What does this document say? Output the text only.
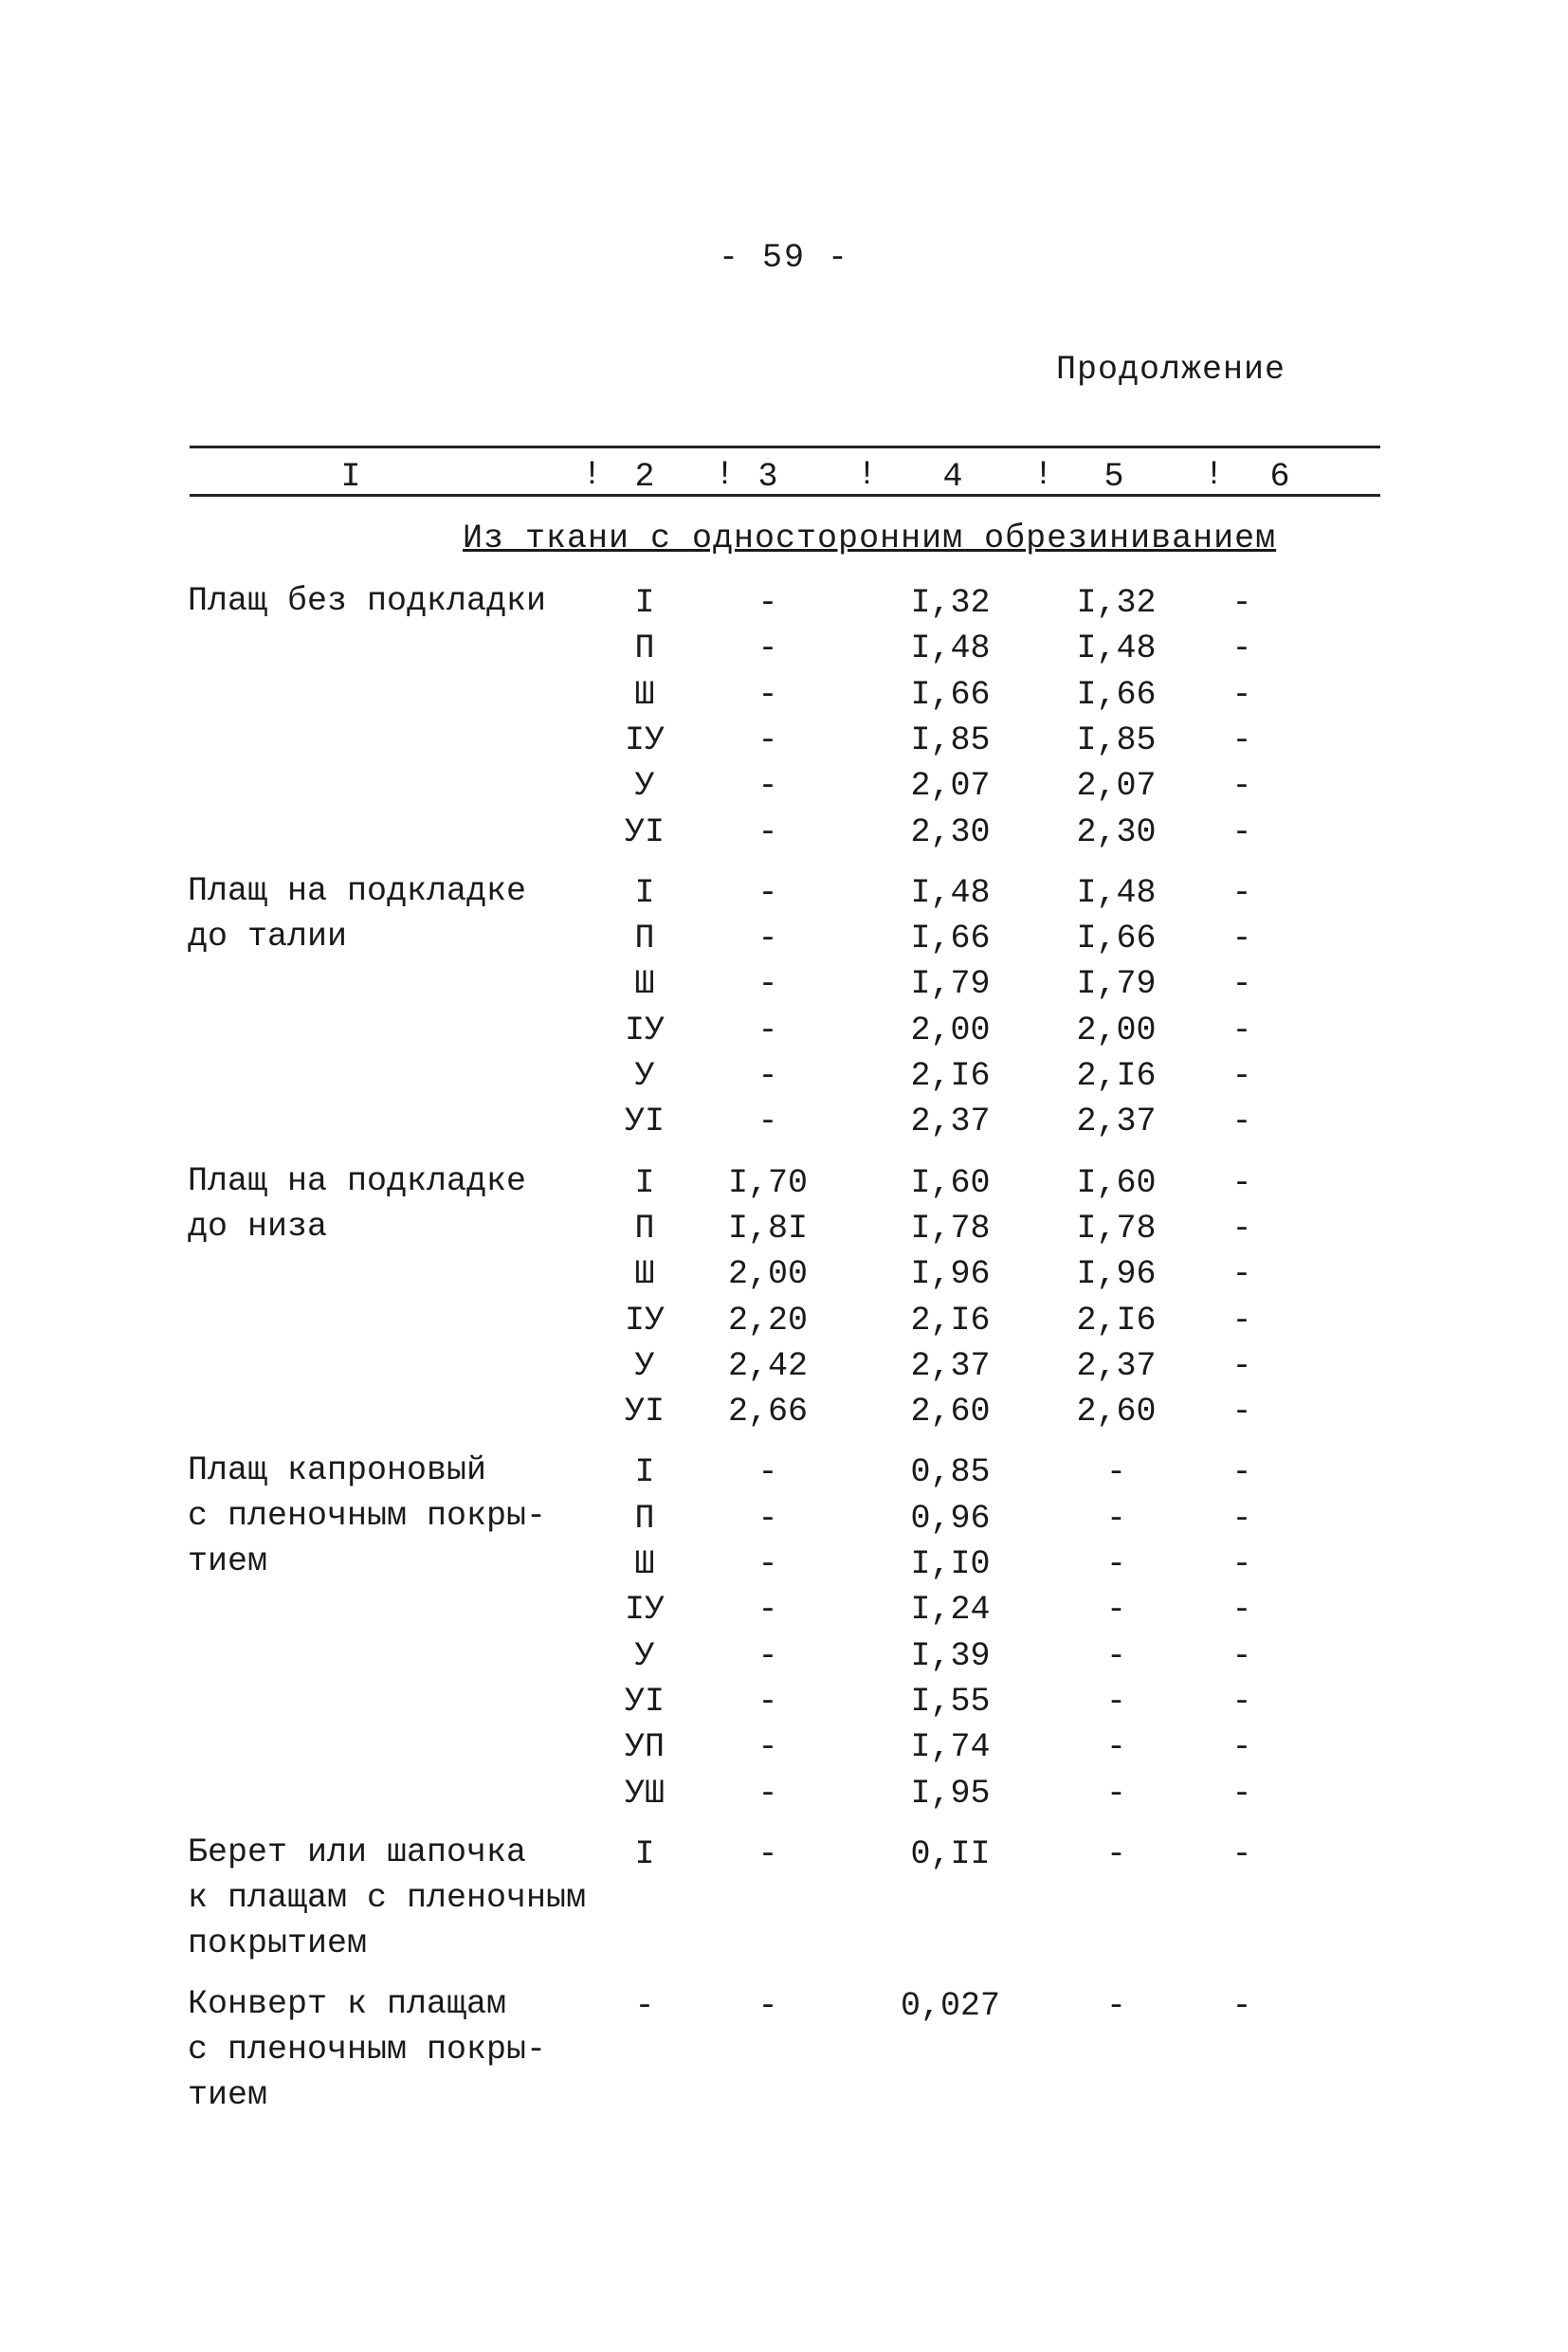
- 59 -
Продолжение
I	! 2	! 3	!	4	!	5	!	6
Из ткани с односторонним обрезиниванием
Плащ без подкладки	I	-	I,32	I,32	-
П	-	I,48	I,48	-
Ш	-	I,66	I,66	-
IУ	-	I,85	I,85	-
У	-	2,07	2,07	-
УI	-	2,30	2,30	-
Плащ на подкладке
до талии
I	-	I,48	I,48	-
П	-	I,66	I,66	-
Ш	-	I,79	I,79	-
IУ	-	2,00	2,00	-
У	-	2,I6	2,I6	-
УI	-	2,37	2,37	-
Плащ на подкладке
до низа
I	I,70	I,60	I,60	-
П	I,8I	I,78	I,78	-
Ш	2,00	I,96	I,96	-
IУ	2,20	2,I6	2,I6	-
У	2,42	2,37	2,37	-
УI	2,66	2,60	2,60	-
Плащ капроновый
с пленочным покры-
тием
I	-	0,85	-	-
П	-	0,96	-	-
Ш	-	I,I0	-	-
IУ	-	I,24	-	-
У	-	I,39	-	-
УI	-	I,55	-	-
УП	-	I,74	-	-
УШ	-	I,95	-	-
Берет или шапочка
к плащам с пленочным
покрытием
I	-	0,II	-	-
Конверт к плащам
с пленочным покры-
тием
-	-	0,027	-	-
